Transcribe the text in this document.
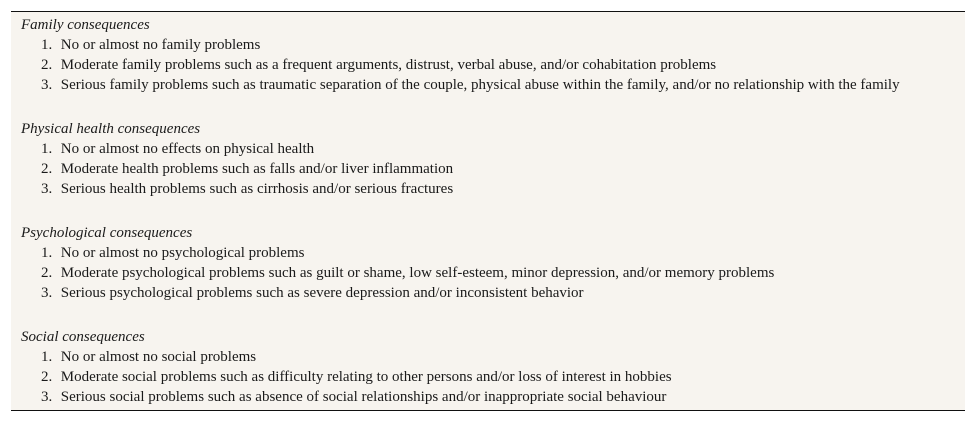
Family consequences
1. No or almost no family problems
2. Moderate family problems such as a frequent arguments, distrust, verbal abuse, and/or cohabitation problems
3. Serious family problems such as traumatic separation of the couple, physical abuse within the family, and/or no relationship with the family
Physical health consequences
1. No or almost no effects on physical health
2. Moderate health problems such as falls and/or liver inflammation
3. Serious health problems such as cirrhosis and/or serious fractures
Psychological consequences
1. No or almost no psychological problems
2. Moderate psychological problems such as guilt or shame, low self-esteem, minor depression, and/or memory problems
3. Serious psychological problems such as severe depression and/or inconsistent behavior
Social consequences
1. No or almost no social problems
2. Moderate social problems such as difficulty relating to other persons and/or loss of interest in hobbies
3. Serious social problems such as absence of social relationships and/or inappropriate social behaviour
